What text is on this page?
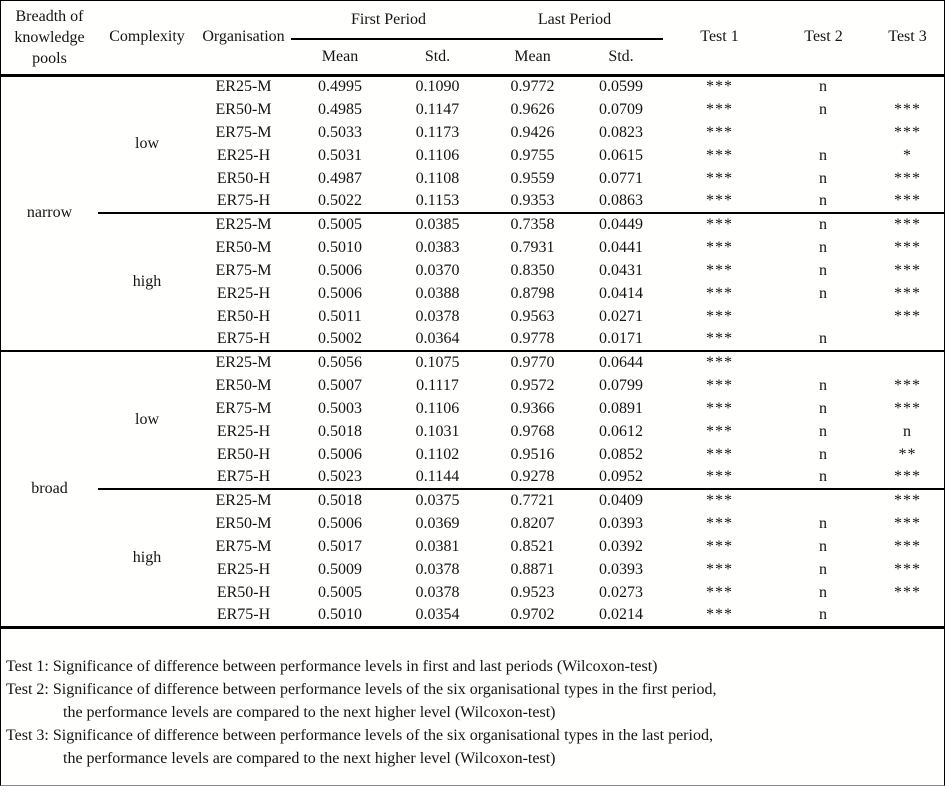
Breadth of knowledge pools	Complexity	Organisation	First Period		Last Period		Test 1	Test 2	Test 3
			Mean	Std.	Mean	Std.			
narrow	low	ER25-M	0.4995	0.1090	0.9772	0.0599	***	n	
		ER50-M	0.4985	0.1147	0.9626	0.0709	***	n	***
		ER75-M	0.5033	0.1173	0.9426	0.0823	***		***
		ER25-H	0.5031	0.1106	0.9755	0.0615	***	n	*
		ER50-H	0.4987	0.1108	0.9559	0.0771	***	n	***
		ER75-H	0.5022	0.1153	0.9353	0.0863	***	n	***
	high	ER25-M	0.5005	0.0385	0.7358	0.0449	***	n	***
		ER50-M	0.5010	0.0383	0.7931	0.0441	***	n	***
		ER75-M	0.5006	0.0370	0.8350	0.0431	***	n	***
		ER25-H	0.5006	0.0388	0.8798	0.0414	***	n	***
		ER50-H	0.5011	0.0378	0.9563	0.0271	***		***
		ER75-H	0.5002	0.0364	0.9778	0.0171	***	n	
broad	low	ER25-M	0.5056	0.1075	0.9770	0.0644	***		
		ER50-M	0.5007	0.1117	0.9572	0.0799	***	n	***
		ER75-M	0.5003	0.1106	0.9366	0.0891	***	n	***
		ER25-H	0.5018	0.1031	0.9768	0.0612	***	n	n
		ER50-H	0.5006	0.1102	0.9516	0.0852	***	n	**
		ER75-H	0.5023	0.1144	0.9278	0.0952	***	n	***
	high	ER25-M	0.5018	0.0375	0.7721	0.0409	***		***
		ER50-M	0.5006	0.0369	0.8207	0.0393	***	n	***
		ER75-M	0.5017	0.0381	0.8521	0.0392	***	n	***
		ER25-H	0.5009	0.0378	0.8871	0.0393	***	n	***
		ER50-H	0.5005	0.0378	0.9523	0.0273	***	n	***
		ER75-H	0.5010	0.0354	0.9702	0.0214	***	n	
Test 1: Significance of difference between performance levels in first and last periods (Wilcoxon-test)
Test 2: Significance of difference between performance levels of the six organisational types in the first period,
the performance levels are compared to the next higher level (Wilcoxon-test)
Test 3: Significance of difference between performance levels of the six organisational types in the last period,
the performance levels are compared to the next higher level (Wilcoxon-test)
